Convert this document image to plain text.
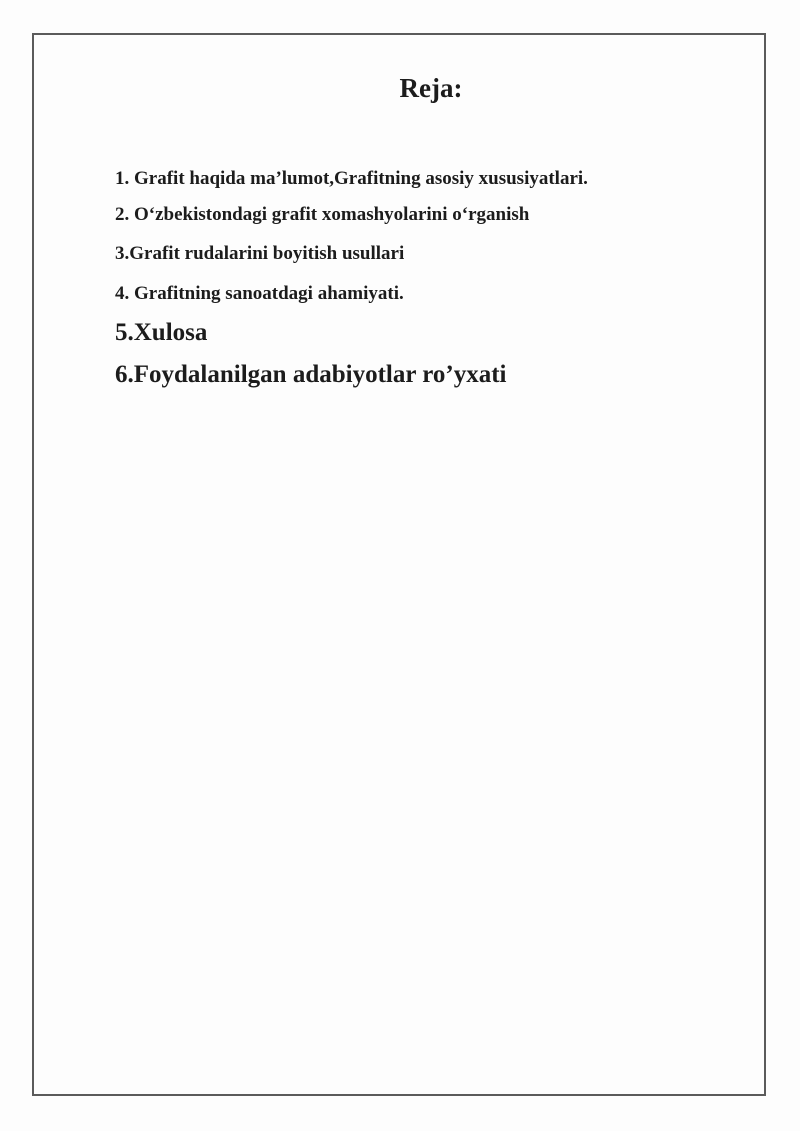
Reja:

1. Grafit haqida ma’lumot,Grafitning asosiy xususiyatlari.

2. O‘zbekistondagi grafit xomashyolarini o‘rganish

3.Grafit rudalarini boyitish usullari

4. Grafitning sanoatdagi ahamiyati.

5.Xulosa

6.Foydalanilgan adabiyotlar ro’yxati
